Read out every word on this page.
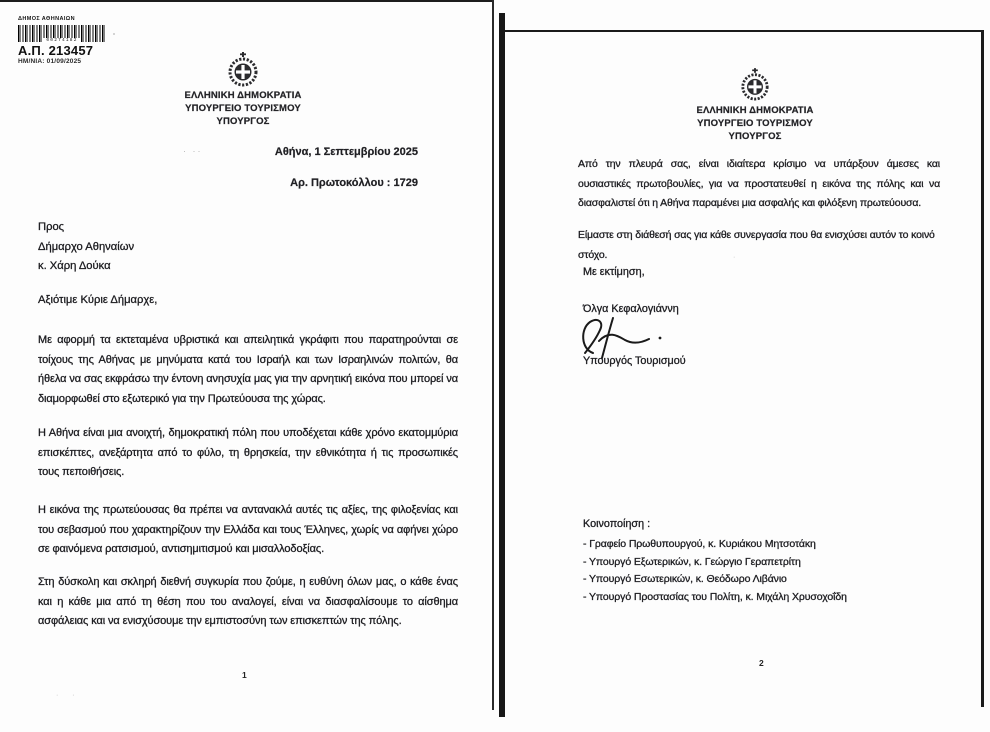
ΔΗΜΟΣ ΑΘΗΝΑΙΩΝ
00274182
Α.Π. 213457
ΗΜ/ΝΙΑ: 01/09/2025
ΕΛΛΗΝΙΚΗ ΔΗΜΟΚΡΑΤΙΑ
ΥΠΟΥΡΓΕΙΟ ΤΟΥΡΙΣΜΟΥ
ΥΠΟΥΡΓΟΣ
Αθήνα, 1 Σεπτεμβρίου 2025
Αρ. Πρωτοκόλλου : 1729
Προς
Δήμαρχο Αθηναίων
κ. Χάρη Δούκα
Αξιότιμε Κύριε Δήμαρχε,
Με αφορμή τα εκτεταμένα υβριστικά και απειλητικά γκράφιτι που παρατηρούνται σε τοίχους της Αθήνας με μηνύματα κατά του Ισραήλ και των Ισραηλινών πολιτών, θα ήθελα να σας εκφράσω την έντονη ανησυχία μας για την αρνητική εικόνα που μπορεί να διαμορφωθεί στο εξωτερικό για την Πρωτεύουσα της χώρας.
Η Αθήνα είναι μια ανοιχτή, δημοκρατική πόλη που υποδέχεται κάθε χρόνο εκατομμύρια επισκέπτες, ανεξάρτητα από το φύλο, τη θρησκεία, την εθνικότητα ή τις προσωπικές τους πεποιθήσεις.
Η εικόνα της πρωτεύουσας θα πρέπει να αντανακλά αυτές τις αξίες, της φιλοξενίας και του σεβασμού που χαρακτηρίζουν την Ελλάδα και τους Έλληνες, χωρίς να αφήνει χώρο σε φαινόμενα ρατσισμού, αντισημιτισμού και μισαλλοδοξίας.
Στη δύσκολη και σκληρή διεθνή συγκυρία που ζούμε, η ευθύνη όλων μας, ο κάθε ένας και η κάθε μια από τη θέση που του αναλογεί, είναι να διασφαλίσουμε το αίσθημα ασφάλειας και να ενισχύσουμε την εμπιστοσύνη των επισκεπτών της πόλης.
1
· ··
·   ·
ΕΛΛΗΝΙΚΗ ΔΗΜΟΚΡΑΤΙΑ
ΥΠΟΥΡΓΕΙΟ ΤΟΥΡΙΣΜΟΥ
ΥΠΟΥΡΓΟΣ
Από την πλευρά σας, είναι ιδιαίτερα κρίσιμο να υπάρξουν άμεσες και ουσιαστικές πρωτοβουλίες, για να προστατευθεί η εικόνα της πόλης και να διασφαλιστεί ότι η Αθήνα παραμένει μια ασφαλής και φιλόξενη πρωτεύουσα.
Είμαστε στη διάθεσή σας για κάθε συνεργασία που θα ενισχύσει αυτόν το κοινό στόχο.
Με εκτίμηση,
Όλγα Κεφαλογιάννη
Υπουργός Τουρισμού
Κοινοποίηση :
- Γραφείο Πρωθυπουργού, κ. Κυριάκου Μητσοτάκη
- Υπουργό Εξωτερικών, κ. Γεώργιο Γεραπετρίτη
- Υπουργό Εσωτερικών, κ. Θεόδωρο Λιβάνιο
- Υπουργό Προστασίας του Πολίτη, κ. Μιχάλη Χρυσοχοΐδη
2
·
